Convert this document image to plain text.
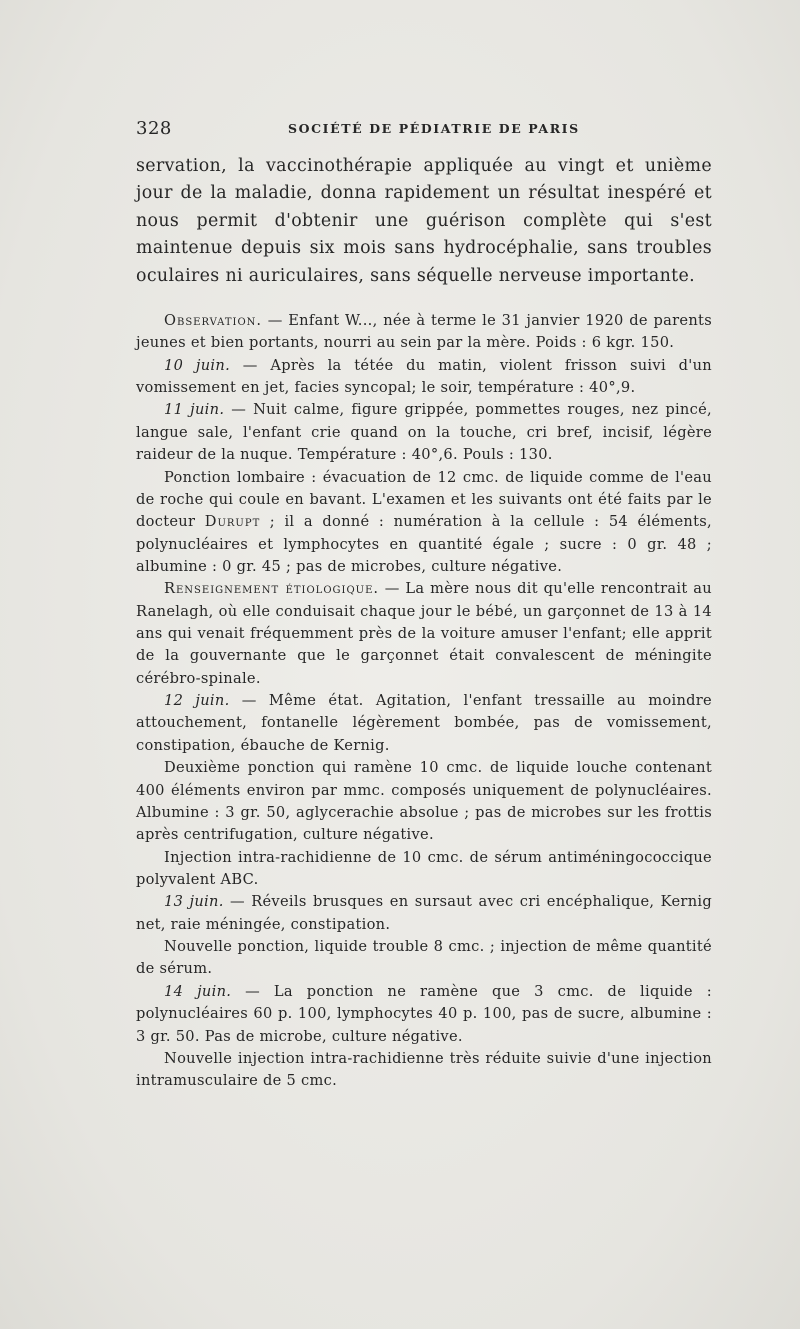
328	SOCIÉTÉ DE PÉDIATRIE DE PARIS

servation, la vaccinothérapie appliquée au vingt et unième jour de la maladie, donna rapidement un résultat inespéré et nous permit d'obtenir une guérison complète qui s'est maintenue depuis six mois sans hydrocéphalie, sans troubles oculaires ni auriculaires, sans séquelle nerveuse importante.

Observation. — Enfant W..., née à terme le 31 janvier 1920 de parents jeunes et bien portants, nourri au sein par la mère. Poids : 6 kgr. 150.

10 juin. — Après la tétée du matin, violent frisson suivi d'un vomissement en jet, facies syncopal; le soir, température : 40°,9.

11 juin. — Nuit calme, figure grippée, pommettes rouges, nez pincé, langue sale, l'enfant crie quand on la touche, cri bref, incisif, légère raideur de la nuque. Température : 40°,6. Pouls : 130.

Ponction lombaire : évacuation de 12 cmc. de liquide comme de l'eau de roche qui coule en bavant. L'examen et les suivants ont été faits par le docteur Durupt ; il a donné : numération à la cellule : 54 éléments, polynucléaires et lymphocytes en quantité égale ; sucre : 0 gr. 48 ; albumine : 0 gr. 45 ; pas de microbes, culture négative.

Renseignement étiologique. — La mère nous dit qu'elle rencontrait au Ranelagh, où elle conduisait chaque jour le bébé, un garçonnet de 13 à 14 ans qui venait fréquemment près de la voiture amuser l'enfant; elle apprit de la gouvernante que le garçonnet était convalescent de méningite cérébro-spinale.

12 juin. — Même état. Agitation, l'enfant tressaille au moindre attouchement, fontanelle légèrement bombée, pas de vomissement, constipation, ébauche de Kernig.

Deuxième ponction qui ramène 10 cmc. de liquide louche contenant 400 éléments environ par mmc. composés uniquement de polynucléaires. Albumine : 3 gr. 50, aglycerachie absolue ; pas de microbes sur les frottis après centrifugation, culture négative.

Injection intra-rachidienne de 10 cmc. de sérum antiméningococcique polyvalent ABC.

13 juin. — Réveils brusques en sursaut avec cri encéphalique, Kernig net, raie méningée, constipation.

Nouvelle ponction, liquide trouble 8 cmc. ; injection de même quantité de sérum.

14 juin. — La ponction ne ramène que 3 cmc. de liquide : polynucléaires 60 p. 100, lymphocytes 40 p. 100, pas de sucre, albumine : 3 gr. 50. Pas de microbe, culture négative.

Nouvelle injection intra-rachidienne très réduite suivie d'une injection intramusculaire de 5 cmc.
